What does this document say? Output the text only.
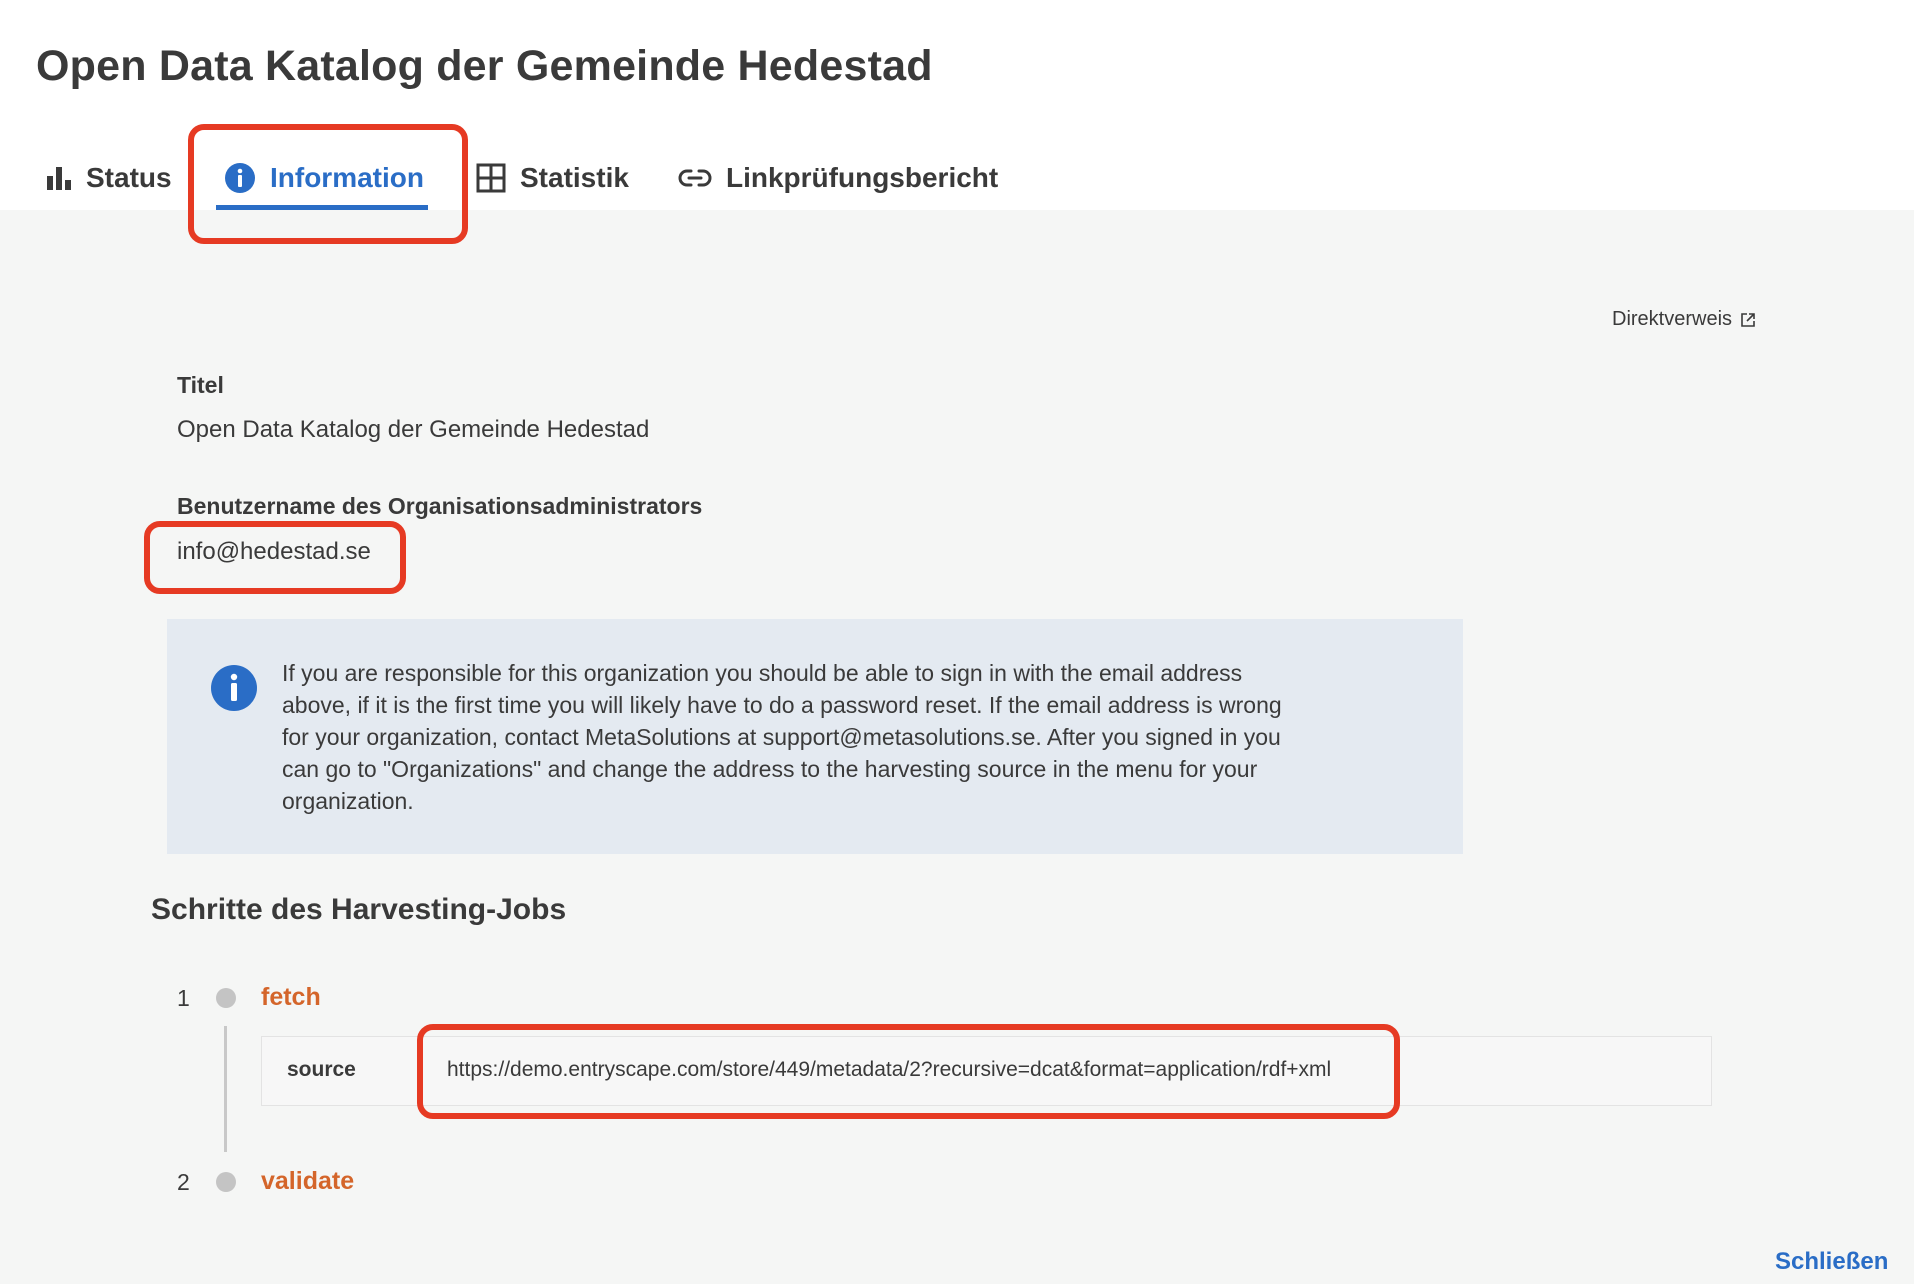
Open Data Katalog der Gemeinde Hedestad
Status	Information	Statistik	Linkprüfungsbericht
Direktverweis
Titel
Open Data Katalog der Gemeinde Hedestad
Benutzername des Organisationsadministrators
info@hedestad.se
If you are responsible for this organization you should be able to sign in with the email address above, if it is the first time you will likely have to do a password reset. If the email address is wrong for your organization, contact MetaSolutions at support@metasolutions.se. After you signed in you can go to "Organizations" and change the address to the harvesting source in the menu for your organization.
Schritte des Harvesting-Jobs
1	fetch
source	https://demo.entryscape.com/store/449/metadata/2?recursive=dcat&format=application/rdf+xml
2	validate
Schließen
